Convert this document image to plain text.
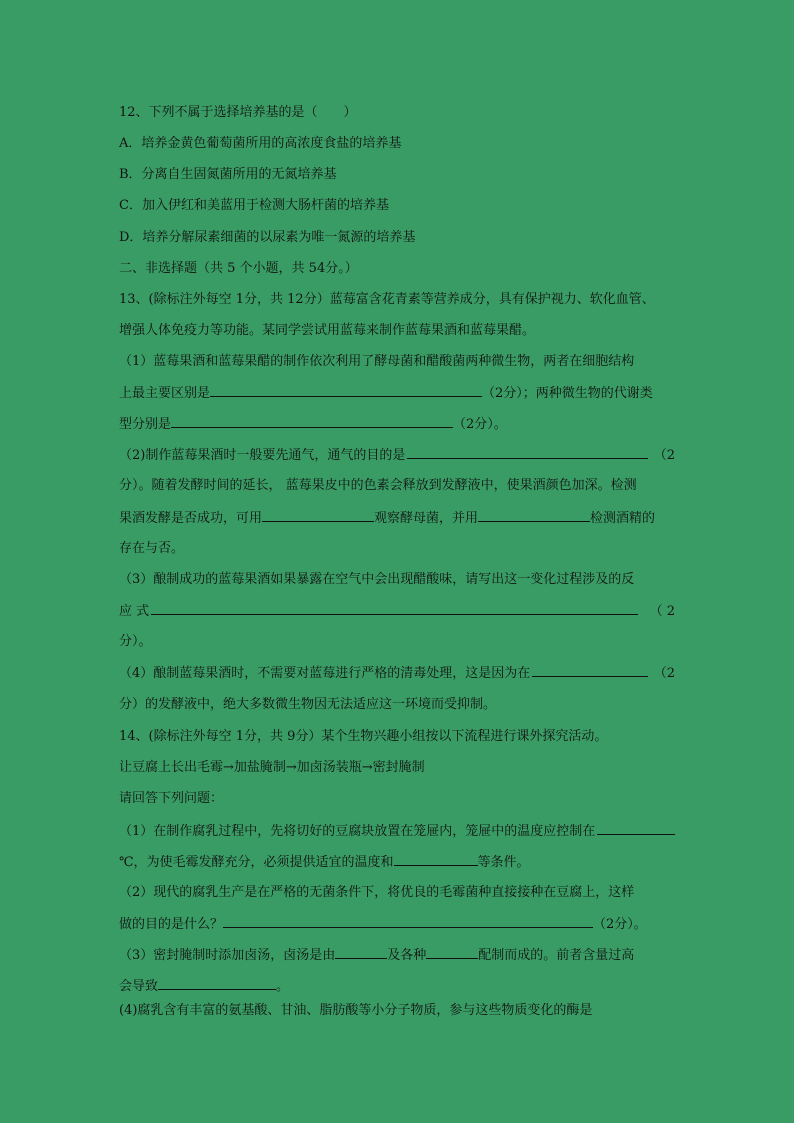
12、下列不属于选择培养基的是（　　）
A．培养金黄色葡萄菌所用的高浓度食盐的培养基
B．分离自生固氮菌所用的无氮培养基
C．加入伊红和美蓝用于检测大肠杆菌的培养基
D．培养分解尿素细菌的以尿素为唯一氮源的培养基
二、非选择题（共 5 个小题，共 54分。）
13、(除标注外每空 1分，共 12分）蓝莓富含花青素等营养成分，具有保护视力、软化血管、
增强人体免疫力等功能。某同学尝试用蓝莓来制作蓝莓果酒和蓝莓果醋。
（1）蓝莓果酒和蓝莓果醋的制作依次利用了酵母菌和醋酸菌两种微生物，两者在细胞结构
上最主要区别是	（2分）；两种微生物的代谢类
型分别是	（2分）。
（2)制作蓝莓果酒时一般要先通气，通气的目的是	（2
分）。随着发酵时间的延长， 蓝莓果皮中的色素会释放到发酵液中，使果酒颜色加深。检测
果酒发酵是否成功，可用	观察酵母菌，并用	检测酒精的
存在与否。
（3）酿制成功的蓝莓果酒如果暴露在空气中会出现醋酸味，请写出这一变化过程涉及的反
应 式	（ 2
分）。
（4）酿制蓝莓果酒时，不需要对蓝莓进行严格的清毒处理，这是因为在	（2
分）的发酵液中，绝大多数微生物因无法适应这一环境而受抑制。
14、(除标注外每空 1分，共 9分）某个生物兴趣小组按以下流程进行课外探究活动。
让豆腐上长出毛霉→加盐腌制→加卤汤装瓶→密封腌制
请回答下列问题：
（1）在制作腐乳过程中，先将切好的豆腐块放置在笼屉内，笼屉中的温度应控制在
℃，为使毛霉发酵充分，必须提供适宜的温度和	等条件。
（2）现代的腐乳生产是在严格的无菌条件下，将优良的毛霉菌种直接接种在豆腐上，这样
做的目的是什么？	（2分）。
（3）密封腌制时添加卤汤，卤汤是由	及各种	配制而成的。前者含量过高
会导致	。
(4)腐乳含有丰富的氨基酸、甘油、脂肪酸等小分子物质，参与这些物质变化的酶是
